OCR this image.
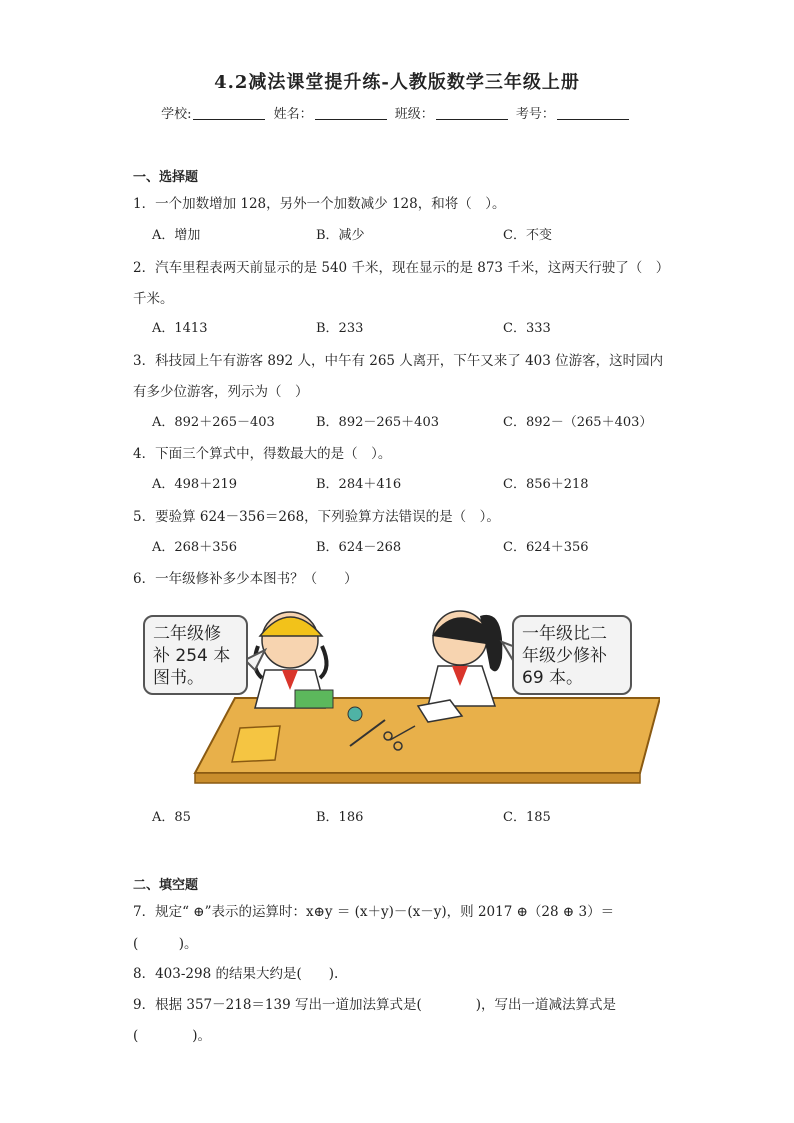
4.2减法课堂提升练-人教版数学三年级上册
学校:	姓名：	班级：	考号：
一、选择题
1．一个加数增加 128，另外一个加数减少 128，和将（　）。
A．增加	B．减少	C．不变
2．汽车里程表两天前显示的是 540 千米，现在显示的是 873 千米，这两天行驶了（　）
千米。
A．1413	B．233	C．333
3．科技园上午有游客 892 人，中午有 265 人离开，下午又来了 403 位游客，这时园内
有多少位游客，列示为（　）
A．892＋265－403	B．892－265＋403	C．892－（265＋403）
4．下面三个算式中，得数最大的是（　）。
A．498＋219	B．284＋416	C．856＋218
5．要验算 624－356＝268，下列验算方法错误的是（　）。
A．268＋356	B．624－268	C．624＋356
6．一年级修补多少本图书？（　　）
二年级修
补 254 本
图书。
一年级比二
年级少修补
69 本。
A．85	B．186	C．185
二、填空题
7．规定“ ⊕”表示的运算时：x⊕y ＝ (x＋y)－(x－y)，则 2017 ⊕（28 ⊕ 3）＝
(　　　)。
8．403-298 的结果大约是(　　).
9．根据 357－218＝139 写出一道加法算式是(　　　　)，写出一道减法算式是
(　　　　)。
